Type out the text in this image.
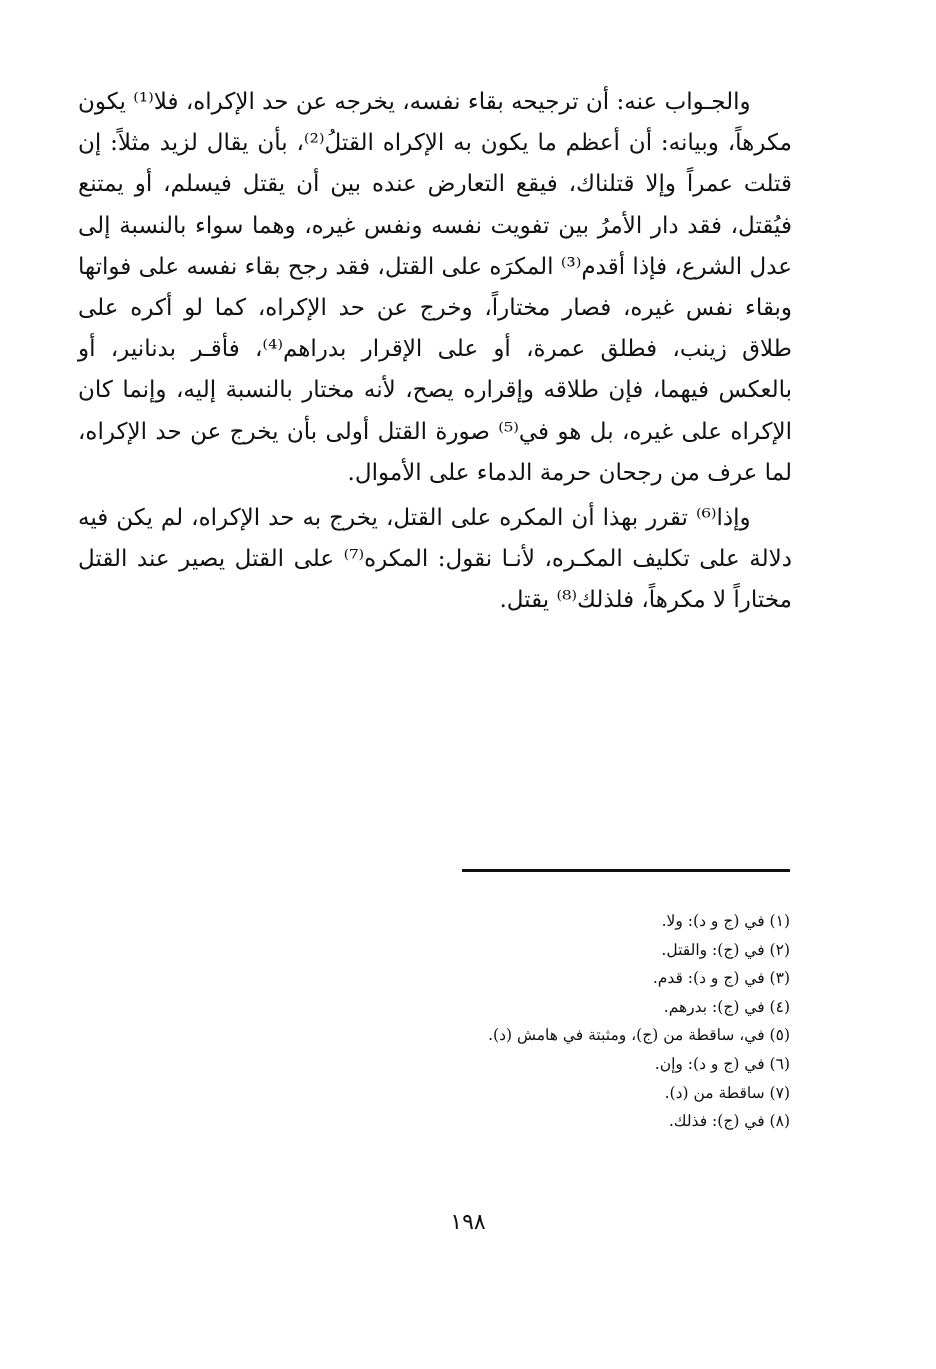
والجـواب عنه: أن ترجيحه بقاء نفسه، يخرجه عن حد الإكراه، فلا⁽¹⁾ يكون مكرهاً، وبيانه: أن أعظم ما يكون به الإكراه القتلُ⁽²⁾، بأن يقال لزيد مثلاً: إن قتلت عمراً وإلا قتلناك، فيقع التعارض عنده بين أن يقتل فيسلم، أو يمتنع فيُقتل، فقد دار الأمرُ بين تفويت نفسه ونفس غيره، وهما سواء بالنسبة إلى عدل الشرع، فإذا أقدم⁽³⁾ المكرَه على القتل، فقد رجح بقاء نفسه على فواتها وبقاء نفس غيره، فصار مختاراً، وخرج عن حد الإكراه، كما لو أكره على طلاق زينب، فطلق عمرة، أو على الإقرار بدراهم⁽⁴⁾، فأقـر بدنانير، أو بالعكس فيهما، فإن طلاقه وإقراره يصح، لأنه مختار بالنسبة إليه، وإنما كان الإكراه على غيره، بل هو في⁽⁵⁾ صورة القتل أولى بأن يخرج عن حد الإكراه، لما عرف من رجحان حرمة الدماء على الأموال.

وإذا⁽⁶⁾ تقرر بهذا أن المكره على القتل، يخرج به حد الإكراه، لم يكن فيه دلالة على تكليف المكـره، لأنـا نقول: المكره⁽⁷⁾ على القتل يصير عند القتل مختاراً لا مكرهاً، فلذلك⁽⁸⁾ يقتل.

(١) في (ج و د): ولا.
(٢) في (ج): والقتل.
(٣) في (ج و د): قدم.
(٤) في (ج): بدرهم.
(٥) في، ساقطة من (ج)، ومثبتة في هامش (د).
(٦) في (ج و د): وإن.
(٧) ساقطة من (د).
(٨) في (ج): فذلك.
١٩٨
